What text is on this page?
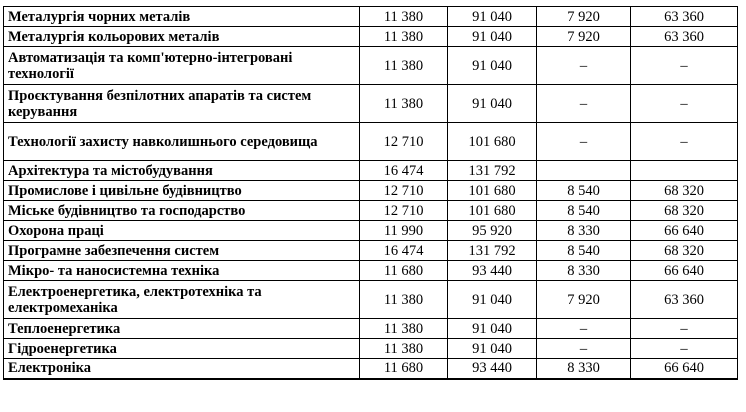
Металургія чорних металів	11 380	91 040	7 920	63 360
Металургія кольорових металів	11 380	91 040	7 920	63 360
Автоматизація та комп'ютерно-інтегровані технології	11 380	91 040	–	–
Проєктування безпілотних апаратів та систем керування	11 380	91 040	–	–
Технології захисту навколишнього середовища	12 710	101 680	–	–
Архітектура та містобудування	16 474	131 792		
Промислове і цивільне будівництво	12 710	101 680	8 540	68 320
Міське будівництво та господарство	12 710	101 680	8 540	68 320
Охорона праці	11 990	95 920	8 330	66 640
Програмне забезпечення систем	16 474	131 792	8 540	68 320
Мікро- та наносистемна техніка	11 680	93 440	8 330	66 640
Електроенергетика, електротехніка та електромеханіка	11 380	91 040	7 920	63 360
Теплоенергетика	11 380	91 040	–	–
Гідроенергетика	11 380	91 040	–	–
Електроніка	11 680	93 440	8 330	66 640
